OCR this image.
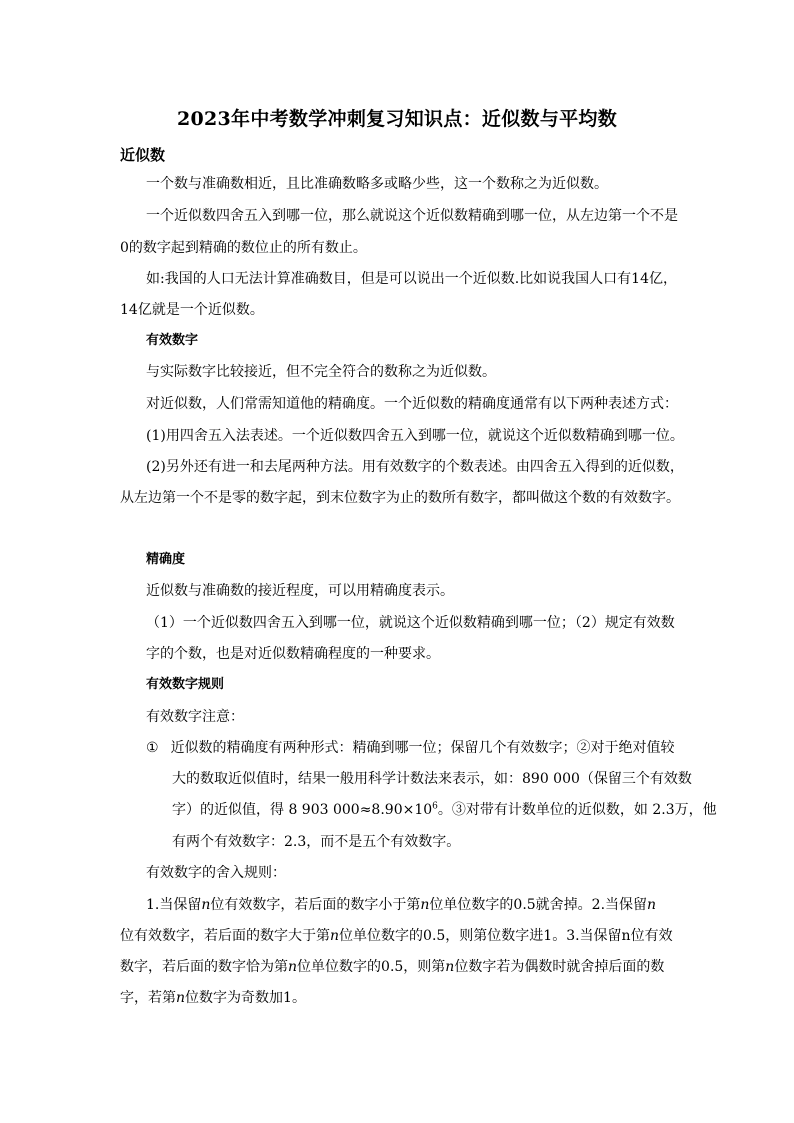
2023年中考数学冲刺复习知识点：近似数与平均数
近似数
一个数与准确数相近，且比准确数略多或略少些，这一个数称之为近似数。
一个近似数四舍五入到哪一位，那么就说这个近似数精确到哪一位，从左边第一个不是
0的数字起到精确的数位止的所有数止。
如:我国的人口无法计算准确数目，但是可以说出一个近似数.比如说我国人口有14亿，
14亿就是一个近似数。
有效数字
与实际数字比较接近，但不完全符合的数称之为近似数。
对近似数，人们常需知道他的精确度。一个近似数的精确度通常有以下两种表述方式：
(1)用四舍五入法表述。一个近似数四舍五入到哪一位，就说这个近似数精确到哪一位。
(2)另外还有进一和去尾两种方法。用有效数字的个数表述。由四舍五入得到的近似数，
从左边第一个不是零的数字起，到末位数字为止的数所有数字，都叫做这个数的有效数字。
精确度
近似数与准确数的接近程度，可以用精确度表示。
（1）一个近似数四舍五入到哪一位，就说这个近似数精确到哪一位；（2）规定有效数
字的个数，也是对近似数精确程度的一种要求。
有效数字规则
有效数字注意：
① 近似数的精确度有两种形式：精确到哪一位；保留几个有效数字；②对于绝对值较
大的数取近似值时，结果一般用科学计数法来表示，如：890 000（保留三个有效数
字）的近似值，得 8 903 $000\approx 8.90\times 10^6$。③对带有计数单位的近似数，如 2.3万，他
有两个有效数字：2.3，而不是五个有效数字。
有效数字的舍入规则：
1.当保留n位有效数字，若后面的数字小于第n位单位数字的0.5就舍掉。2.当保留n
位有效数字，若后面的数字大于第n位单位数字的0.5，则第位数字进1。3.当保留n位有效
数字，若后面的数字恰为第n位单位数字的0.5，则第n位数字若为偶数时就舍掉后面的数
字，若第n位数字为奇数加1。
